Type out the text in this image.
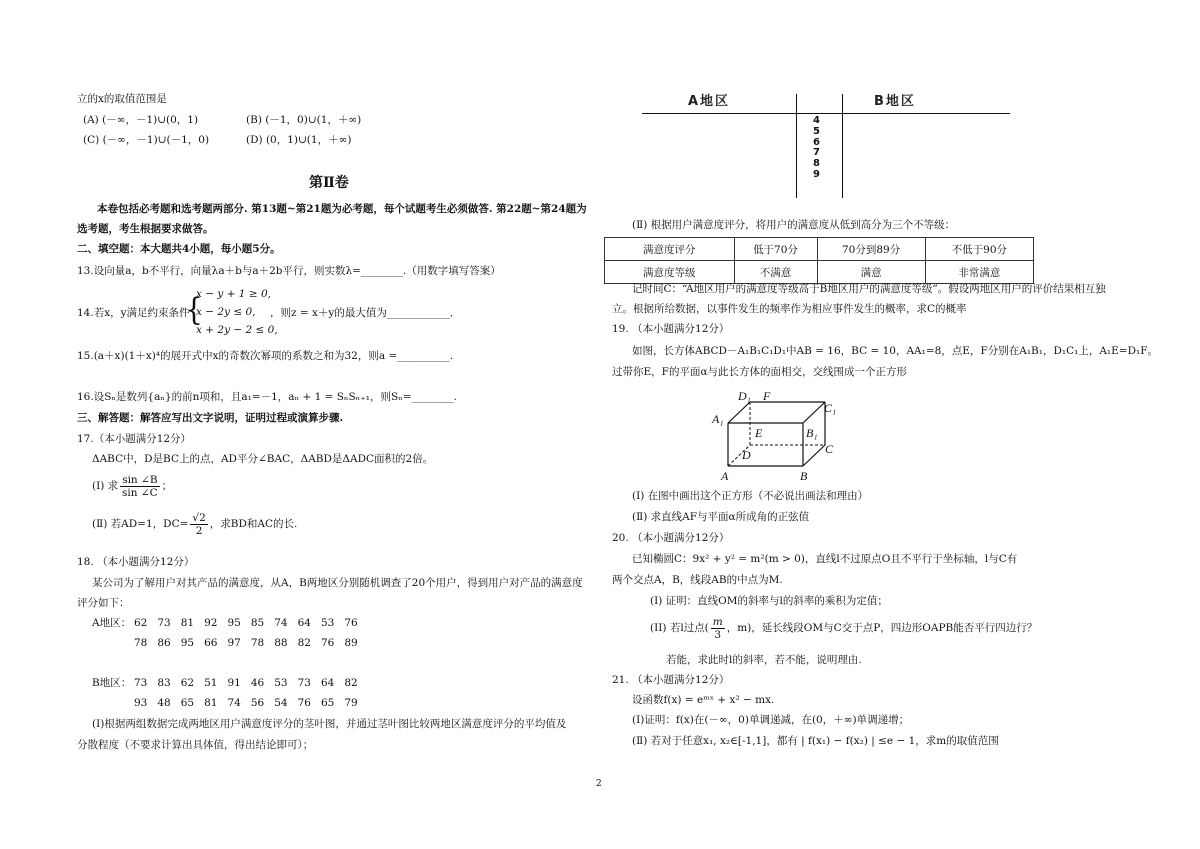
立的x的取值范围是
(A) (－∞，－1)∪(0，1)	(B) (－1，0)∪(1，＋∞)
(C) (－∞，－1)∪(－1，0)	(D) (0，1)∪(1，＋∞)
第Ⅱ卷
本卷包括必考题和选考题两部分. 第13题~第21题为必考题，每个试题考生必须做答. 第22题~第24题为
选考题，考生根据要求做答。
二、填空题：本大题共4小题，每小题5分。
13.设向量a，b不平行，向量λa＋b与a＋2b平行，则实数λ=________.（用数字填写答案）
14.若x，y满足约束条件
{
x − y + 1 ≥ 0,
x − 2y ≤ 0,
x + 2y − 2 ≤ 0,
，则z = x＋y的最大值为____________．
15.(a＋x)(1＋x)⁴的展开式中x的奇数次幂项的系数之和为32，则a =__________.
16.设Sₙ是数列{aₙ}的前n项和，且a₁=－1，aₙ + 1 = SₙSₙ₊₁，则Sₙ=________.
三、解答题：解答应写出文字说明，证明过程或演算步骤.
17.（本小题满分12分）
ΔABC中，D是BC上的点，AD平分∠BAC，ΔABD是ΔADC面积的2倍。
(Ⅰ) 求 $\frac{\sin \angle B}{\sin \angle C}$ ；
(Ⅱ) 若AD=1，$DC= \frac{√2}{2}$ ，求BD和AC的长.
18. （本小题满分12分）
某公司为了解用户对其产品的满意度，从A，B两地区分别随机调查了20个用户，得到用户对产品的满意度
评分如下：
A地区： 62   73   81   92   95   85   74   64   53   76
78   86   95   66   97   78   88   82   76   89
B地区： 73   83   62   51   91   46   53   73   64   82
93   48   65   81   74   56   54   76   65   79
(Ⅰ)根据两组数据完成两地区用户满意度评分的茎叶图，并通过茎叶图比较两地区满意度评分的平均值及
分散程度（不要求计算出具体值，得出结论即可）；
A地区	B地区
4
5
6
7
8
9
(Ⅱ) 根据用户满意度评分，将用户的满意度从低到高分为三个不等级：
满意度评分	低于70分	70分到89分	不低于90分
满意度等级	不满意	满意	非常满意
记时间C：“A地区用户的满意度等级高于B地区用户的满意度等级”。假设两地区用户的评价结果相互独
立。根据所给数据，以事件发生的频率作为相应事件发生的概率，求C的概率
19. （本小题满分12分）
如图，长方体ABCD－A₁B₁C₁D₁中AB = 16，BC = 10，AA₁=8，点E，F分别在A₁B₁，D₁C₁上，A₁E=D₁F。
过带你E，F的平面α与此长方体的面相交，交线围成一个正方形
D₁ F
C₁
A₁
E	B₁
C
D
A	B
(Ⅰ) 在图中画出这个正方形（不必说出画法和理由）
(Ⅱ) 求直线AF与平面α所成角的正弦值
20. （本小题满分12分）
已知椭圆C：9x² + y² = m²(m > 0)，直线l不过原点O且不平行于坐标轴，l与C有
两个交点A，B，线段AB的中点为M.
(I) 证明：直线OM的斜率与l的斜率的乘积为定值；
(II) 若l过点( $\frac{m}{3}$ ，m)，延长线段OM与C交于点P，四边形OAPB能否平行四边行？
若能，求此时l的斜率，若不能，说明理由.
21. （本小题满分12分）
设函数f(x) = eᵐˣ + x² − mx.
(Ⅰ)证明：f(x)在(－∞，0)单调递减，在(0，＋∞)单调递增；
(Ⅱ) 若对于任意x₁, x₂∈[-1,1]，都有 | f(x₁) − f(x₂) | ≤e − 1，求m的取值范围
2
